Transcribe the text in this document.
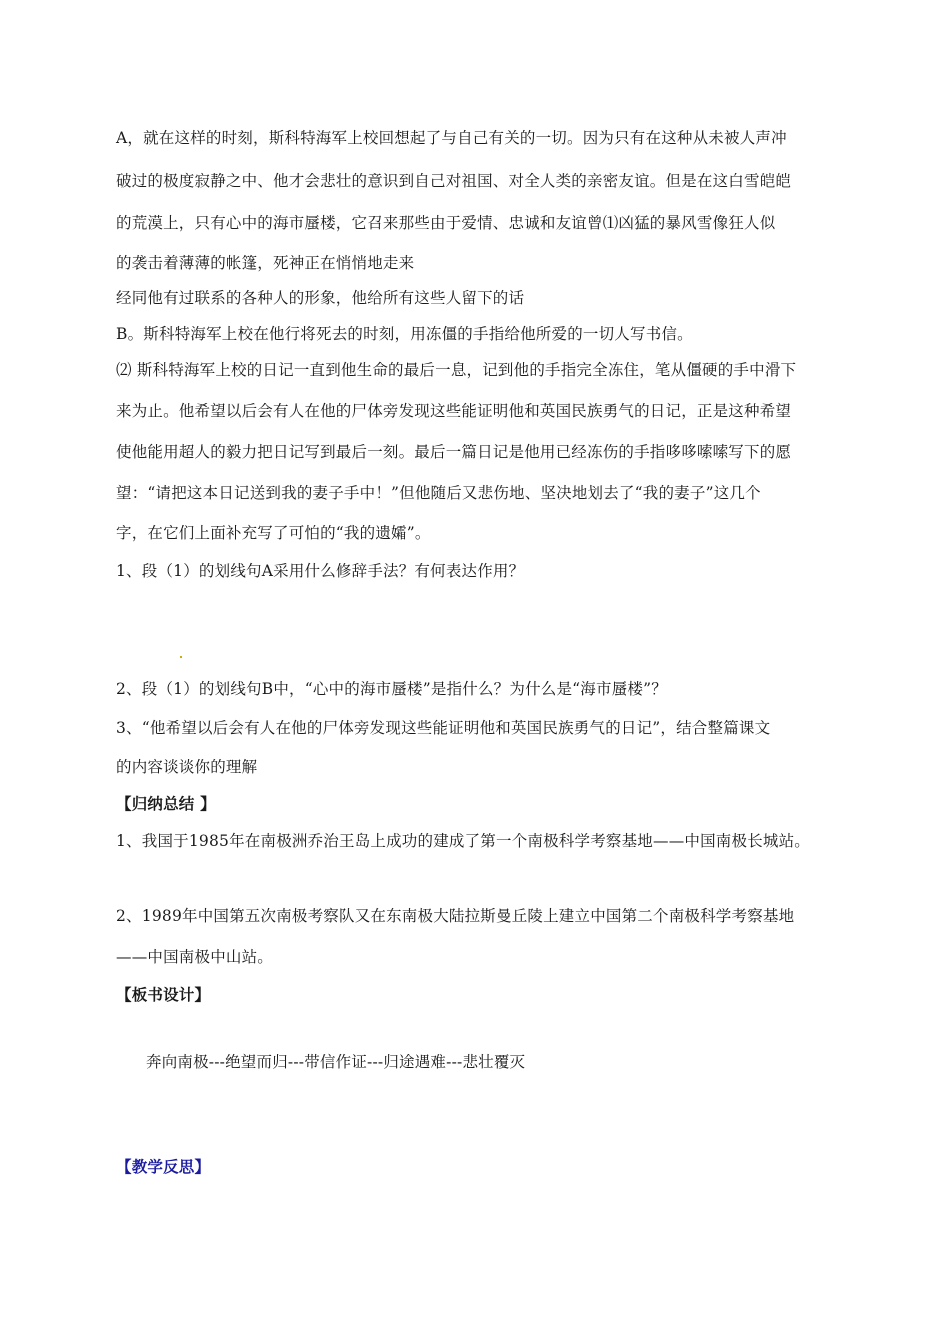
A，就在这样的时刻，斯科特海军上校回想起了与自己有关的一切。因为只有在这种从未被人声冲
破过的极度寂静之中、他才会悲壮的意识到自己对祖国、对全人类的亲密友谊。但是在这白雪皑皑
的荒漠上，只有心中的海市蜃楼，它召来那些由于爱情、忠诚和友谊曾⑴凶猛的暴风雪像狂人似
的袭击着薄薄的帐篷，死神正在悄悄地走来
经同他有过联系的各种人的形象，他给所有这些人留下的话
B。斯科特海军上校在他行将死去的时刻，用冻僵的手指给他所爱的一切人写书信。
⑵ 斯科特海军上校的日记一直到他生命的最后一息，记到他的手指完全冻住，笔从僵硬的手中滑下
来为止。他希望以后会有人在他的尸体旁发现这些能证明他和英国民族勇气的日记，正是这种希望
使他能用超人的毅力把日记写到最后一刻。最后一篇日记是他用已经冻伤的手指哆哆嗦嗦写下的愿
望：“请把这本日记送到我的妻子手中！”但他随后又悲伤地、坚决地划去了“我的妻子”这几个
字，在它们上面补充写了可怕的“我的遗孀”。
1、段（1）的划线句A采用什么修辞手法？有何表达作用？
2、段（1）的划线句B中，“心中的海市蜃楼”是指什么？为什么是“海市蜃楼”？
3、“他希望以后会有人在他的尸体旁发现这些能证明他和英国民族勇气的日记”，结合整篇课文
的内容谈谈你的理解
【归纳总结 】
1、我国于1985年在南极洲乔治王岛上成功的建成了第一个南极科学考察基地——中国南极长城站。
2、1989年中国第五次南极考察队又在东南极大陆拉斯曼丘陵上建立中国第二个南极科学考察基地
——中国南极中山站。
【板书设计】
奔向南极---绝望而归---带信作证---归途遇难---悲壮覆灭
【教学反思】
